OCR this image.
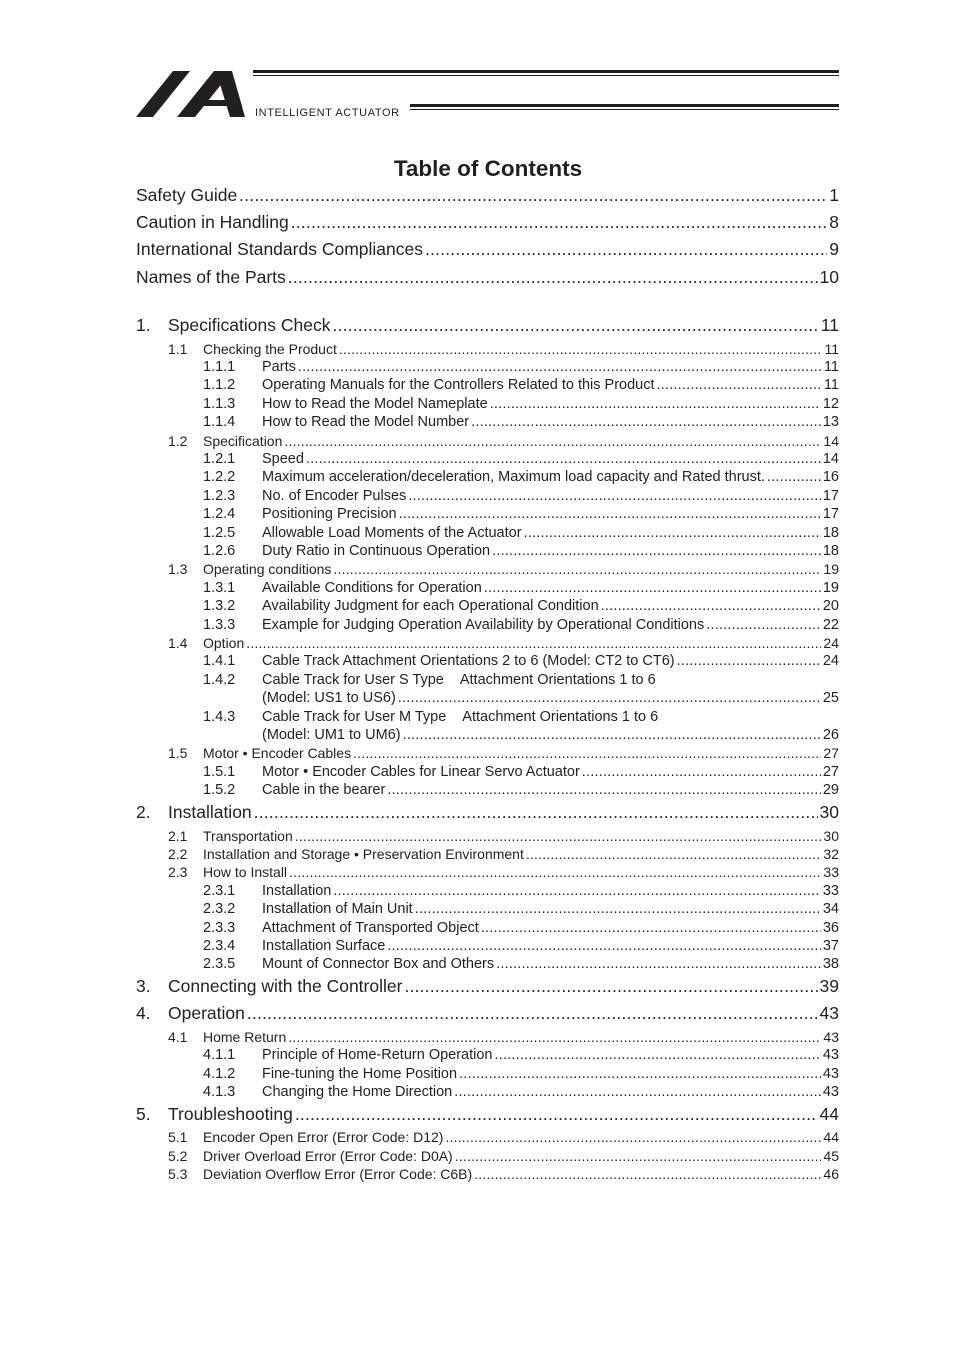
INTELLIGENT ACTUATOR

Table of Contents
Safety Guide .....	1
Caution in Handling .....	8
International Standards Compliances .....	9
Names of the Parts .....	10
1. Specifications Check .....	11
1.1	Checking the Product .....	11
1.1.1	Parts .....	11
1.1.2	Operating Manuals for the Controllers Related to this Product .....	11
1.1.3	How to Read the Model Nameplate .....	12
1.1.4	How to Read the Model Number .....	13
1.2	Specification .....	14
1.2.1	Speed .....	14
1.2.2	Maximum acceleration/deceleration, Maximum load capacity and Rated thrust. .....	16
1.2.3	No. of Encoder Pulses .....	17
1.2.4	Positioning Precision .....	17
1.2.5	Allowable Load Moments of the Actuator .....	18
1.2.6	Duty Ratio in Continuous Operation .....	18
1.3	Operating conditions .....	19
1.3.1	Available Conditions for Operation .....	19
1.3.2	Availability Judgment for each Operational Condition .....	20
1.3.3	Example for Judging Operation Availability by Operational Conditions .....	22
1.4	Option .....	24
1.4.1	Cable Track Attachment Orientations 2 to 6 (Model: CT2 to CT6) .....	24
1.4.2	Cable Track for User S Type Attachment Orientations 1 to 6
(Model: US1 to US6) .....	25
1.4.3	Cable Track for User M Type Attachment Orientations 1 to 6
(Model: UM1 to UM6) .....	26
1.5	Motor • Encoder Cables .....	27
1.5.1	Motor • Encoder Cables for Linear Servo Actuator .....	27
1.5.2	Cable in the bearer .....	29
2. Installation .....	30
2.1	Transportation .....	30
2.2	Installation and Storage • Preservation Environment .....	32
2.3	How to Install .....	33
2.3.1	Installation .....	33
2.3.2	Installation of Main Unit .....	34
2.3.3	Attachment of Transported Object .....	36
2.3.4	Installation Surface .....	37
2.3.5	Mount of Connector Box and Others .....	38
3. Connecting with the Controller .....	39
4. Operation .....	43
4.1	Home Return .....	43
4.1.1	Principle of Home-Return Operation .....	43
4.1.2	Fine-tuning the Home Position .....	43
4.1.3	Changing the Home Direction .....	43
5. Troubleshooting .....	44
5.1	Encoder Open Error (Error Code: D12) .....	44
5.2	Driver Overload Error (Error Code: D0A) .....	45
5.3	Deviation Overflow Error (Error Code: C6B) .....	46
